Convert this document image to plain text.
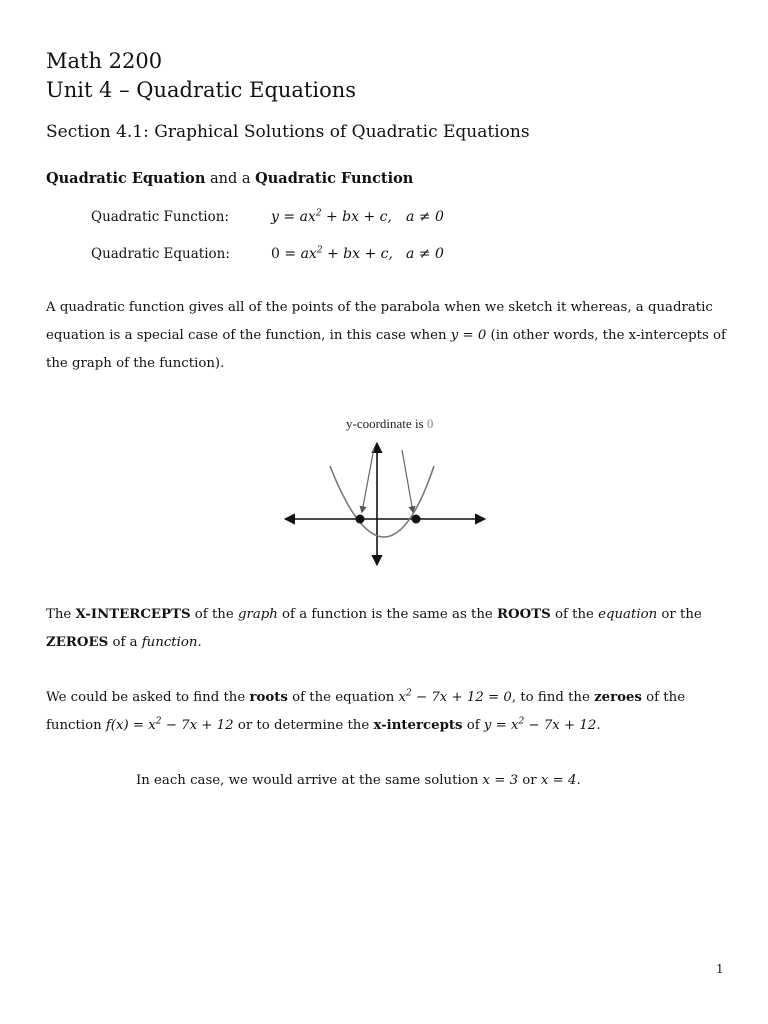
Math 2200
Unit 4 – Quadratic Equations
Section 4.1: Graphical Solutions of Quadratic Equations
Quadratic Equation and a Quadratic Function
Quadratic Function:	$y = ax^2$ + bx + c, a ≠ 0
Quadratic Equation:	$0 = ax^2$ + bx + c, a ≠ 0
A quadratic function gives all of the points of the parabola when we sketch it whereas, a quadratic equation is a special case of the function, in this case when y = 0 (in other words, the x-intercepts of the graph of the function).
y-coordinate is 0
The X-INTERCEPTS of the graph of a function is the same as the ROOTS of the equation or the ZEROES of a function.
We could be asked to find the roots of the equation $x^2 - 7x + 12 = 0$, to find the zeroes of the function $f(x) = x^2 - 7x + 12$ or to determine the x-intercepts of $y = x^2 - 7x + 12$.
In each case, we would arrive at the same solution x = 3 or x = 4.
1
